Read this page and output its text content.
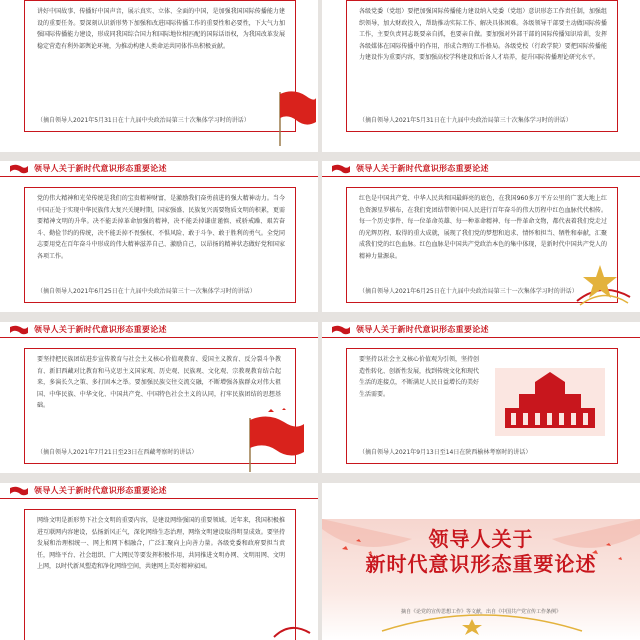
讲好中国故事、传播好中国声音，展示真实、立体、全面的中国，是加强我国国际传播能力建设的重要任务。要深刻认识新形势下加强和改进国际传播工作的重要性和必要性，下大气力加强国际传播能力建设，形成同我国综合国力和国际地位相匹配的国际话语权，为我国改革发展稳定营造有利外部舆论环境，为推动构建人类命运共同体作出积极贡献。
（摘自领导人2021年5月31日在十九届中央政治局第三十次集体学习时的讲话）
各级党委（党组）要把加强国际传播能力建设纳入党委（党组）意识形态工作责任制，加强组织领导，加大财政投入，帮助推动实际工作、解决具体困难。各级领导干部要主动做国际传播工作，主要负责同志既要亲自抓，也要亲自做。要加强对外部干部的国际传播知识培训，发挥各级媒体在国际传播中的作用，形成合理的工作格局。各级党校（行政学院）要把国际传播能力建设作为重要内容，要加强高校学科建设和后备人才培养，提升国际传播理论研究水平。
（摘自领导人2021年5月31日在十九届中央政治局第三十次集体学习时的讲话）
领导人关于新时代意识形态重要论述
党的伟大精神和光荣传统是我们的宝贵精神财富，是激励我们奋勇前进的强大精神动力。当今中国正处于实现中华民族伟大复兴关键时期，国家强盛、民族复兴需要物质文明的积累，更需要精神文明的升华。决不能丢掉革命加强的精神，决不能丢掉谦虚谨慎、戒骄戒躁、艰苦奋斗、勤俭节约的传统，决不能丢掉不畏强权、不惧风险、敢于斗争、敢于胜利的勇气。全党同志要用党在百年奋斗中形成的伟大精神滋养自己、激励自己，以昂扬的精神状态做好党和国家各项工作。
（摘自领导人2021年6月25日在十九届中央政治局第三十一次集体学习时的讲话）
领导人关于新时代意识形态重要论述
红色是中国共产党、中华人民共和国最鲜亮的底色，在我国960多万平方公里的广袤大地上红色资源星罗棋布，在我们党团结带领中国人民进行百年奋斗的伟大历程中红色血脉代代相传。每一个历史事件、每一位革命英雄、每一种革命精神、每一件革命文物，都代表着我们党走过的光辉历程、取得的重大成就，展现了我们党的梦想和追求、情怀和担当、牺牲和奉献，汇聚成我们党的红色血脉。红色血脉是中国共产党政治本色的集中体现，是新时代中国共产党人的精神力量源泉。
（摘自领导人2021年6月25日在十九届中央政治局第三十一次集体学习时的讲话）
领导人关于新时代意识形态重要论述
要坚持把民族团结进步宣传教育与社会主义核心价值观教育、爱国主义教育、反分裂斗争教育、新旧西藏对比教育和马克思主义国家观、历史观、民族观、文化观、宗教观教育结合起来，多演长久之策、多打固本之举。要加强民族交往交流交融，不断增强各族群众对伟大祖国、中华民族、中华文化、中国共产党、中国特色社会主义的认同，打牢民族团结的思想基础。
（摘自领导人2021年7月21日至23日在西藏考察时的讲话）
领导人关于新时代意识形态重要论述
要坚持以社会主义核心价值观为引领，坚持创造性转化、创新性发展，找到传统文化和现代生活的连接点，不断满足人民日益增长的美好生活需要。
（摘自领导人2021年9月13日至14日在陕西榆林考察时的讲话）
领导人关于新时代意识形态重要论述
网络文明是新形势下社会文明的重要内容，是建设网络强国的重要领域。近年来，我国积极推进互联网内容建设，弘扬新风正气，深化网络生态治理，网络文明建设取得明显成效。要坚持发展和治理相统一、网上和网下相融合，广泛汇聚向上向善力量。各级党委和政府要担当责任，网络平台、社会组织、广大网民等要发挥积极作用，共同推进文明办网、文明用网、文明上网，以时代新风塑造和净化网络空间，共建网上美好精神家园。
领导人关于
新时代意识形态重要论述
摘自《论党的宣传思想工作》等文献，出自《中国共产党宣传工作条例》
